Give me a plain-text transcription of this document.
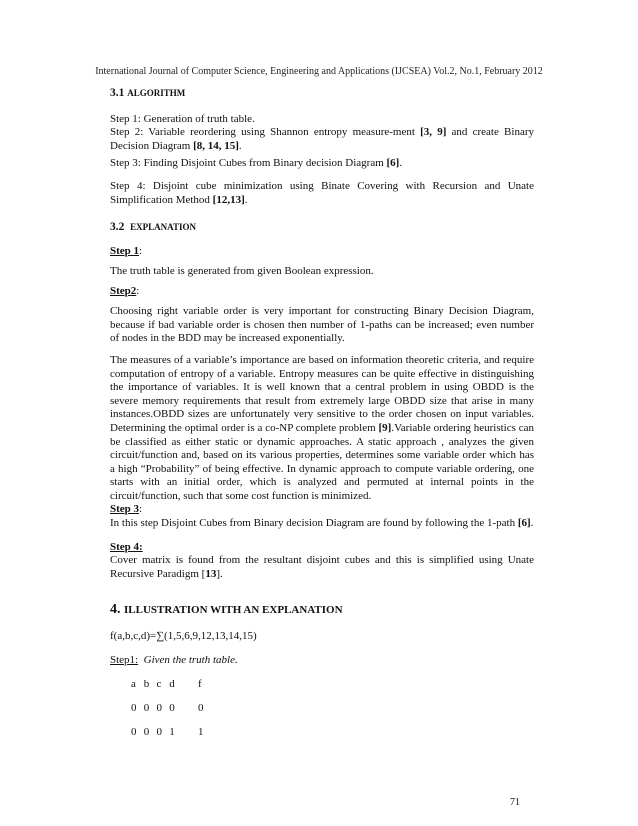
International Journal of Computer Science, Engineering and Applications (IJCSEA) Vol.2, No.1, February 2012
3.1 ALGORITHM
Step 1: Generation of truth table.
Step 2: Variable reordering using Shannon entropy measure-ment [3, 9] and create Binary Decision Diagram [8, 14, 15].
Step 3: Finding Disjoint Cubes from Binary decision Diagram [6].
Step 4: Disjoint cube minimization using Binate Covering with Recursion and Unate Simplification Method [12,13].
3.2 EXPLANATION
Step 1:
The truth table is generated from given Boolean expression.
Step2:
Choosing right variable order is very important for constructing Binary Decision Diagram, because if bad variable order is chosen then number of 1-paths can be increased; even number of nodes in the BDD may be increased exponentially.
The measures of a variable’s importance are based on information theoretic criteria, and require computation of entropy of a variable. Entropy measures can be quite effective in distinguishing the importance of variables. It is well known that a central problem in using OBDD is the severe memory requirements that result from extremely large OBDD size that arise in many instances.OBDD sizes are unfortunately very sensitive to the order chosen on input variables. Determining the optimal order is a co-NP complete problem [9].Variable ordering heuristics can be classified as either static or dynamic approaches. A static approach , analyzes the given circuit/function and, based on its various properties, determines some variable order which has a high “Probability” of being effective. In dynamic approach to compute variable ordering, one starts with an initial order, which is analyzed and permuted at internal points in the circuit/function, such that some cost function is minimized.
Step 3:
In this step Disjoint Cubes from Binary decision Diagram are found by following the 1-path [6].
Step 4:
Cover matrix is found from the resultant disjoint cubes and this is simplified using Unate Recursive Paradigm [13].
4. ILLUSTRATION WITH AN EXPLANATION
f(a,b,c,d)=∑(1,5,6,9,12,13,14,15)
Step1: Given the truth table.
a b c d f
0 0 0 0 0
0 0 0 1 1
71
